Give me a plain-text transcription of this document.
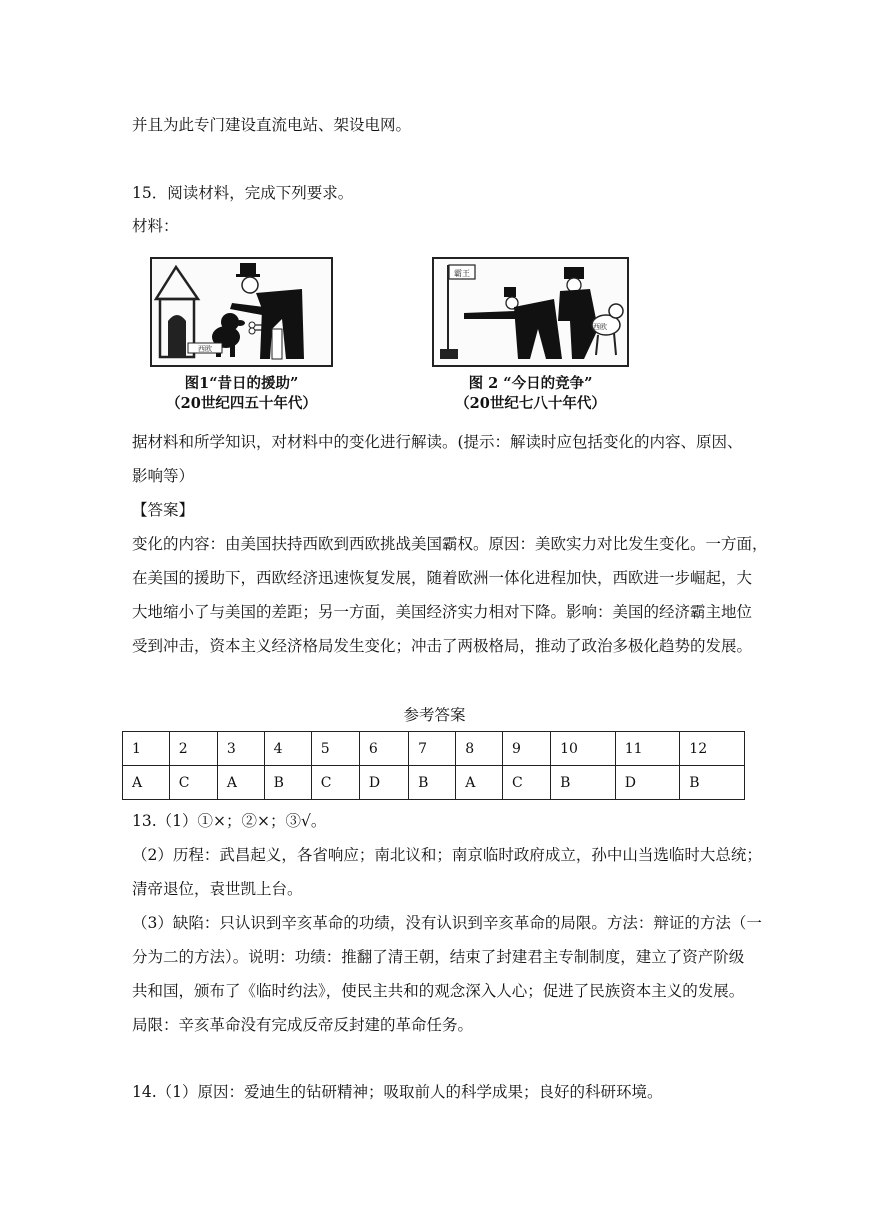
并且为此专门建设直流电站、架设电网。
15．阅读材料，完成下列要求。
材料：
西欧
图1“昔日的援助”
（20世纪四五十年代）
霸王
西欧
图 2 “今日的竞争”
（20世纪七八十年代）
据材料和所学知识，对材料中的变化进行解读。(提示：解读时应包括变化的内容、原因、
影响等）
【答案】
变化的内容：由美国扶持西欧到西欧挑战美国霸权。原因：美欧实力对比发生变化。一方面，
在美国的援助下，西欧经济迅速恢复发展，随着欧洲一体化进程加快，西欧进一步崛起，大
大地缩小了与美国的差距；另一方面，美国经济实力相对下降。影响：美国的经济霸主地位
受到冲击，资本主义经济格局发生变化；冲击了两极格局，推动了政治多极化趋势的发展。
参考答案
1	2	3	4	5	6	7	8	9	10	11	12
A	C	A	B	C	D	B	A	C	B	D	B
13.（1）①×；②×；③√。
（2）历程：武昌起义，各省响应；南北议和；南京临时政府成立，孙中山当选临时大总统；
清帝退位，袁世凯上台。
（3）缺陷：只认识到辛亥革命的功绩，没有认识到辛亥革命的局限。方法：辩证的方法（一
分为二的方法）。说明：功绩：推翻了清王朝，结束了封建君主专制制度，建立了资产阶级
共和国，颁布了《临时约法》，使民主共和的观念深入人心；促进了民族资本主义的发展。
局限：辛亥革命没有完成反帝反封建的革命任务。
14.（1）原因：爱迪生的钻研精神；吸取前人的科学成果；良好的科研环境。
